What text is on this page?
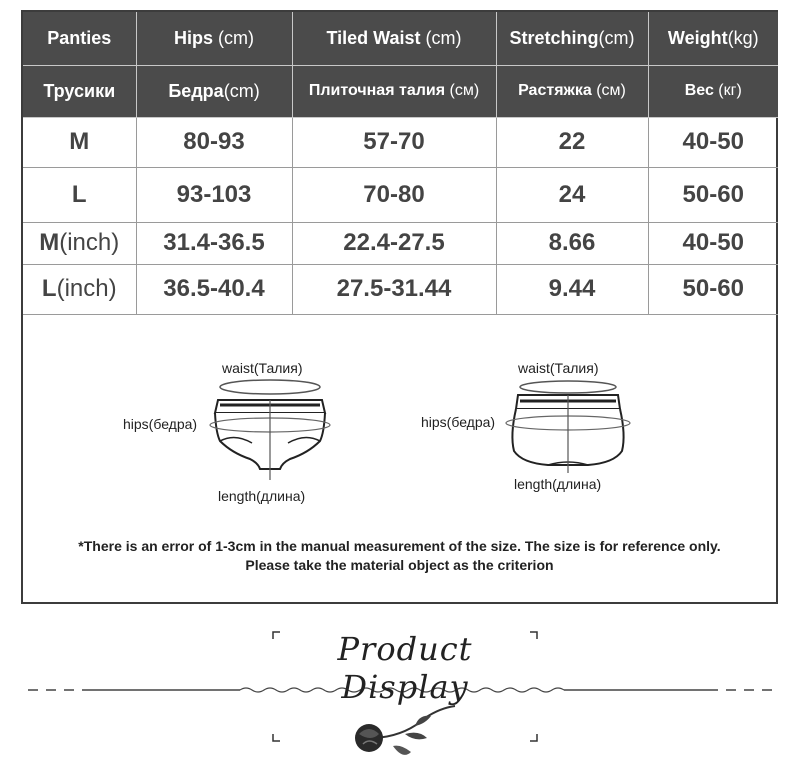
Panties	Hips (cm)	Tiled Waist (cm)	Stretching(cm)	Weight(kg)
Трусики	Бедра(cm)	Плиточная талия (см)	Растяжка (см)	Вес (кг)
M	80-93	57-70	22	40-50
L	93-103	70-80	24	50-60
M(inch)	31.4-36.5	22.4-27.5	8.66	40-50
L(inch)	36.5-40.4	27.5-31.44	9.44	50-60
waist(Талия)
hips(бедра)
length(длина)
waist(Талия)
hips(бедра)
length(длина)
*There is an error of 1-3cm in the manual measurement of the size. The size is for reference only.
Please take the material object as the criterion
Product Display
